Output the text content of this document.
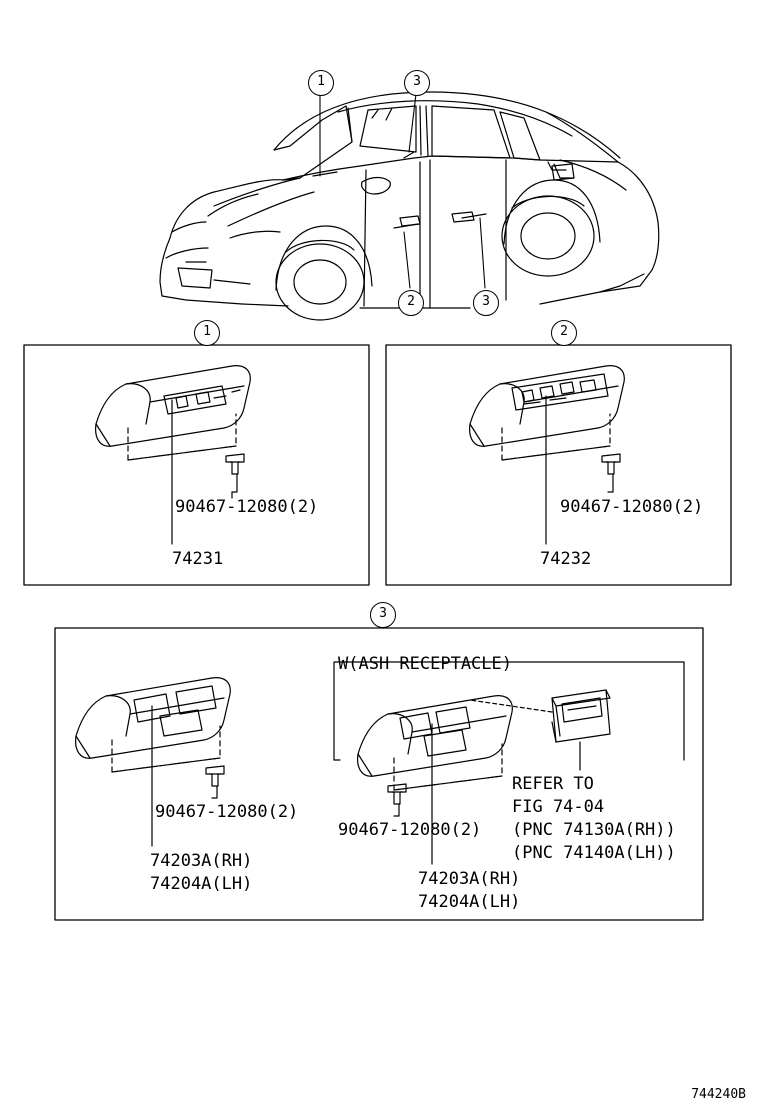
1	3
2	3
1	2
3
90467-12080(2)
74231
90467-12080(2)
74232
W(ASH RECEPTACLE)
90467-12080(2)
74203A(RH)
74204A(LH)
90467-12080(2)
74203A(RH)
74204A(LH)
REFER TO
FIG 74-04
(PNC 74130A(RH))
(PNC 74140A(LH))
744240B
